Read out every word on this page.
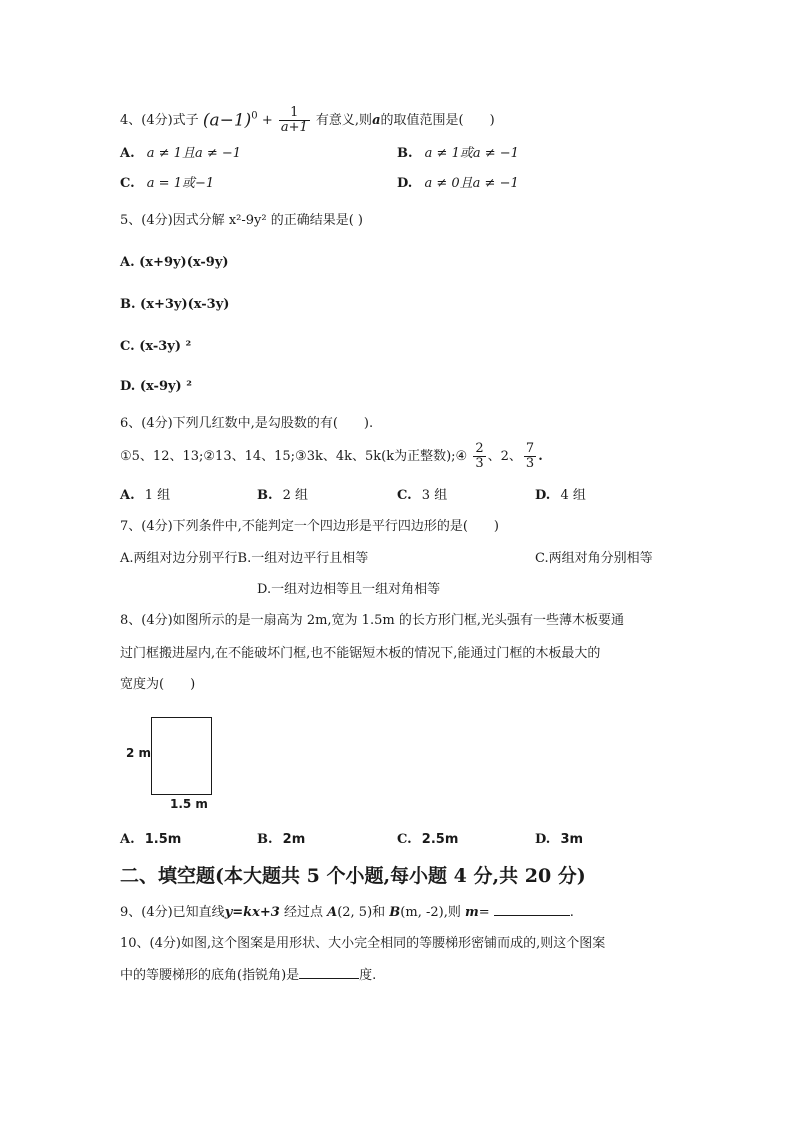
4、(4分)式子 $(a-1)^0 + \frac{1}{a+1}$ 有意义,则a的取值范围是(　　)
A. a ≠ 1且a ≠ −1	B. a ≠ 1或a ≠ −1
C. a = 1或−1	D. a ≠ 0且a ≠ −1
5、(4分)因式分解 x²-9y² 的正确结果是( )
A. (x+9y)(x-9y)
B. (x+3y)(x-3y)
C. (x-3y) ²
D. (x-9y) ²
6、(4分)下列几红数中,是勾股数的有(　　).
①5、12、13;②13、14、15;③3k、4k、5k(k为正整数);④ $\frac{2}{3}$ 、2、 $\frac{7}{3}$ .
A. 1 组	B. 2 组	C. 3 组	D. 4 组
7、(4分)下列条件中,不能判定一个四边形是平行四边形的是(　　)
A.两组对边分别平行B.一组对边平行且相等	C.两组对角分别相等
D.一组对边相等且一组对角相等
8、(4分)如图所示的是一扇高为 2m,宽为 1.5m 的长方形门框,光头强有一些薄木板要通
过门框搬进屋内,在不能破坏门框,也不能锯短木板的情况下,能通过门框的木板最大的
宽度为(　　)
2 m
1.5 m
A. 1.5m	B. 2m	C. 2.5m	D. 3m
二、填空题(本大题共 5 个小题,每小题 4 分,共 20 分)
9、(4分)已知直线y=kx+3 经过点 A(2, 5)和 B(m, -2),则 m=	.
10、(4分)如图,这个图案是用形状、大小完全相同的等腰梯形密铺而成的,则这个图案
中的等腰梯形的底角(指锐角)是	度.
